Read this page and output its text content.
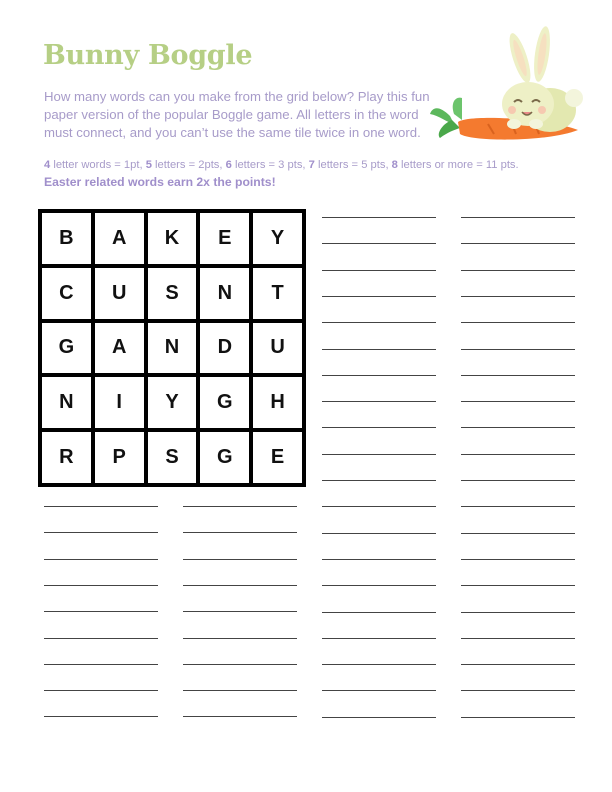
Bunny Boggle
How many words can you make from the grid below? Play this fun paper version of the popular Boggle game. All letters in the word must connect, and you can’t use the same tile twice in one word.
4 letter words = 1pt, 5 letters = 2pts, 6 letters = 3 pts, 7 letters = 5 pts, 8 letters or more = 11 pts.
Easter related words earn 2x the points!
B	A	K	E	Y
C	U	S	N	T
G	A	N	D	U
N	I	Y	G	H
R	P	S	G	E
